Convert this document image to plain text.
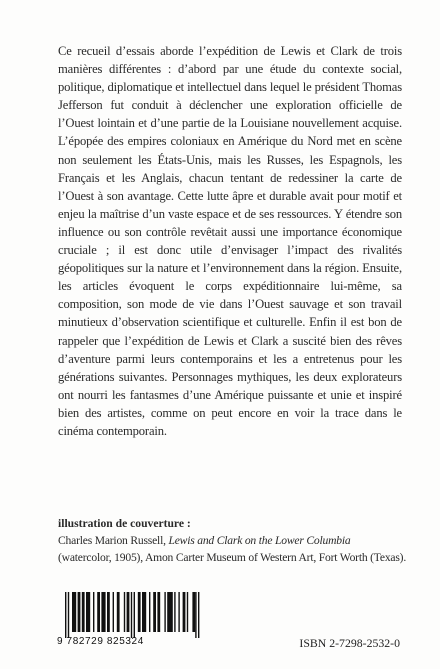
Ce recueil d’essais aborde l’expédition de Lewis et Clark de trois manières différentes : d’abord par une étude du contexte social, politique, diplomatique et intellectuel dans lequel le président Thomas Jefferson fut conduit à déclencher une exploration officielle de l’Ouest lointain et d’une partie de la Louisiane nouvellement acquise. L’épopée des empires coloniaux en Amérique du Nord met en scène non seulement les États-Unis, mais les Russes, les Espagnols, les Français et les Anglais, chacun tentant de redessiner la carte de l’Ouest à son avantage. Cette lutte âpre et durable avait pour motif et enjeu la maîtrise d’un vaste espace et de ses ressources. Y étendre son influence ou son contrôle revêtait aussi une importance économique cruciale ; il est donc utile d’envisager l’impact des rivalités géopolitiques sur la nature et l’environnement dans la région. Ensuite, les articles évoquent le corps expéditionnaire lui-même, sa composition, son mode de vie dans l’Ouest sauvage et son travail minutieux d’observation scientifique et culturelle. Enfin il est bon de rappeler que l’expédition de Lewis et Clark a suscité bien des rêves d’aventure parmi leurs contemporains et les a entretenus pour les générations suivantes. Personnages mythiques, les deux explorateurs ont nourri les fantasmes d’une Amérique puissante et unie et inspiré bien des artistes, comme on peut encore en voir la trace dans le cinéma contemporain.

illustration de couverture :
Charles Marion Russell, Lewis and Clark on the Lower Columbia
(watercolor, 1905), Amon Carter Museum of Western Art, Fort Worth (Texas).
9 782729 825324	ISBN 2-7298-2532-0
